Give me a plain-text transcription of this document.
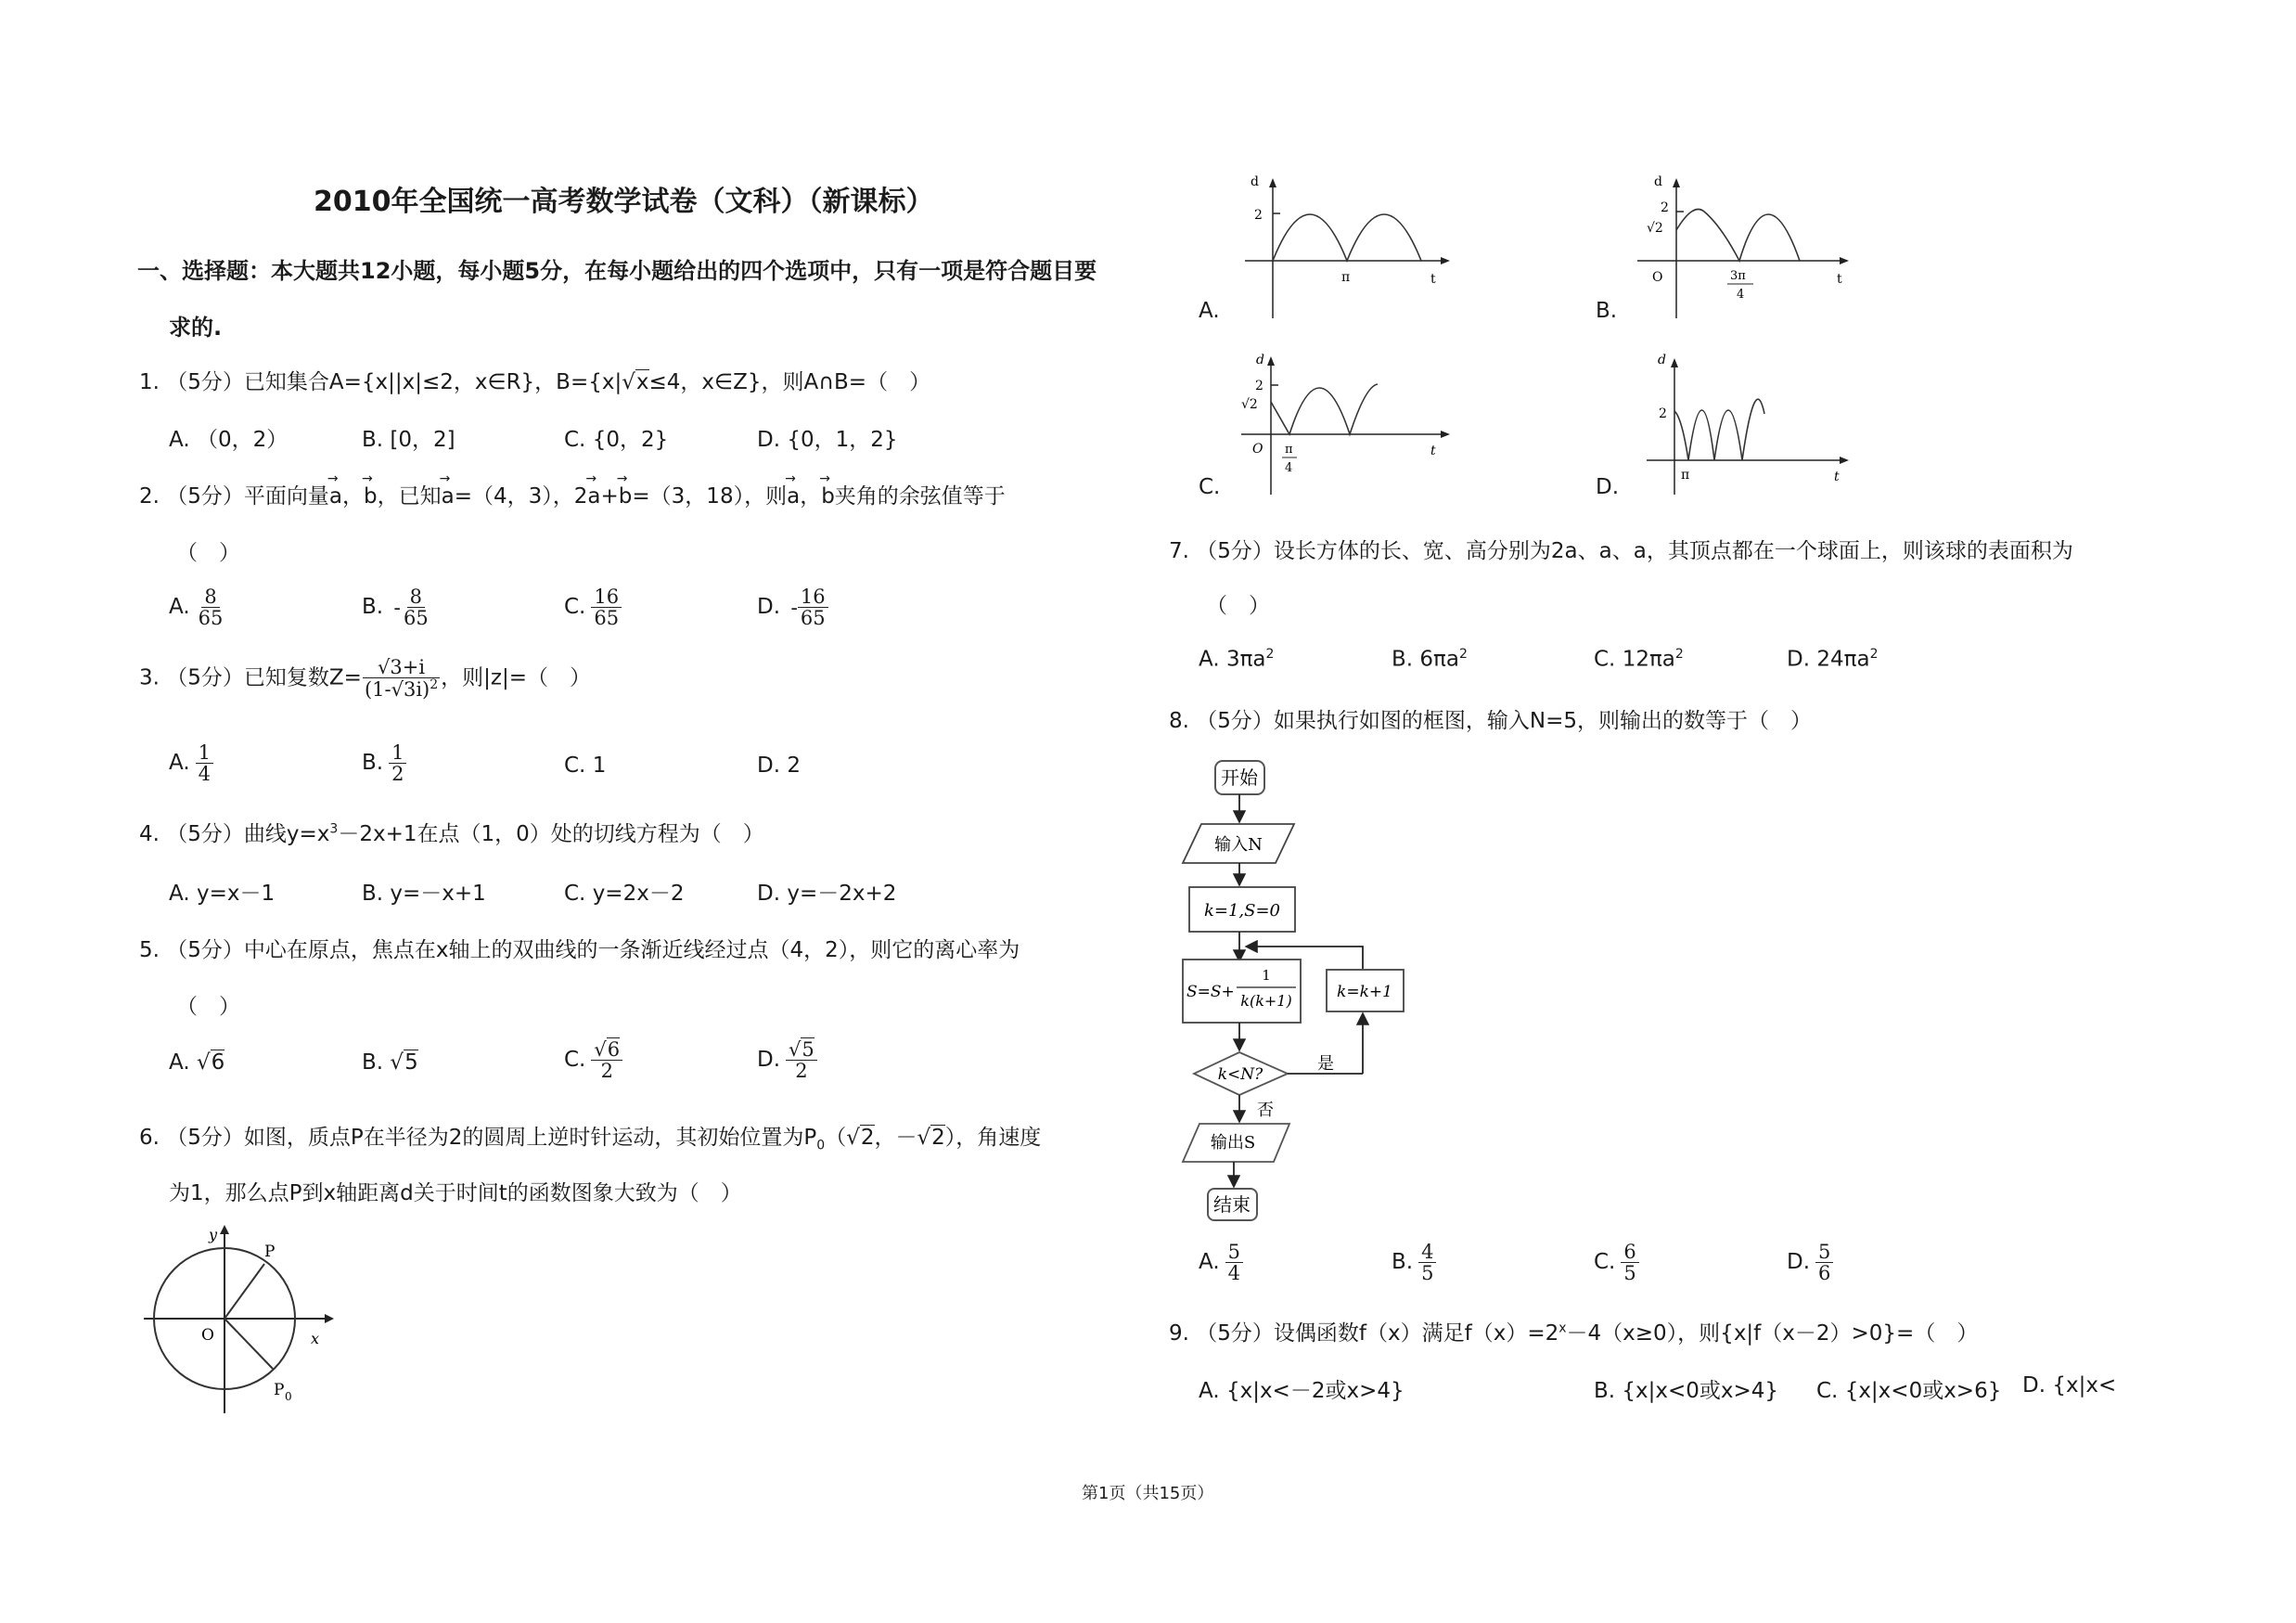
2010年全国统一高考数学试卷（文科）（新课标）
一、选择题：本大题共12小题，每小题5分，在每小题给出的四个选项中，只有一项是符合题目要
求的.
1. （5分）已知集合A={x||x|≤2，x∈R}，B={x|√x≤4，x∈Z}，则A∩B=（　）
A. （0，2）	B. [0，2]	C. {0，2}	D. {0，1，2}
2. （5分）平面向量→ a，→ b，已知→ a=（4，3），2→ a+→ b=（3，18），则→ a，→ b夹角的余弦值等于
（　）
A. $\frac{8}{65}$	B. - $\frac{8}{65}$	C. $\frac{16}{65}$	D. - $\frac{16}{65}$
3. （5分）已知复数$Z= \frac{√3+i}{(1-√3i)^2}$ ，则|z|=（　）
A. $\frac{1}{4}$	B. $\frac{1}{2}$	C. 1	D. 2
4. （5分）曲线$y=x^3-2x+1$在点（1，0）处的切线方程为（　）
A. y=x－1	B. y=－x+1	C. y=2x－2	D. y=－2x+2
5. （5分）中心在原点，焦点在x轴上的双曲线的一条渐近线经过点（4，2），则它的离心率为
（　）
A. √6	B. √5	C. $\frac{√6}{2}$	D. $\frac{√5}{2}$
6. （5分）如图，质点P在半径为2的圆周上逆时针运动，其初始位置为$P_0(√2$，－√2），角速度
为1，那么点P到x轴距离d关于时间t的函数图象大致为（　）
y
P
O	x
P 0
A.
d
2
π	t
B.
d
2
√2
O	3π
4
t
C.
d
2
√2
O π
4
t
D.
d
2
π	t
7. （5分）设长方体的长、宽、高分别为2a、a、a，其顶点都在一个球面上，则该球的表面积为
（　）
A. $3\pi a^2$	B. $6\pi a^2$	C. $12\pi a^2$	D. $24\pi a^2$
8. （5分）如果执行如图的框图，输入N=5，则输出的数等于（　）
开始
输入N
k=1,S=0
S=S+
1
k(k+1)	k=k+1
k<N?
是
否
输出S
结束
A. $\frac{5}{4}$	B. $\frac{4}{5}$	C. $\frac{6}{5}$	D. $\frac{5}{6}$
9. （5分）设偶函数f（x）满足$f(x)=2^x-4(x\ge 0)$，则{x|f（x－2）>0}=（　）
A. {x|x<－2或x>4}	B. {x|x<0或x>4} C. {x|x<0或x>6} D. {x|x<
第1页（共15页）
